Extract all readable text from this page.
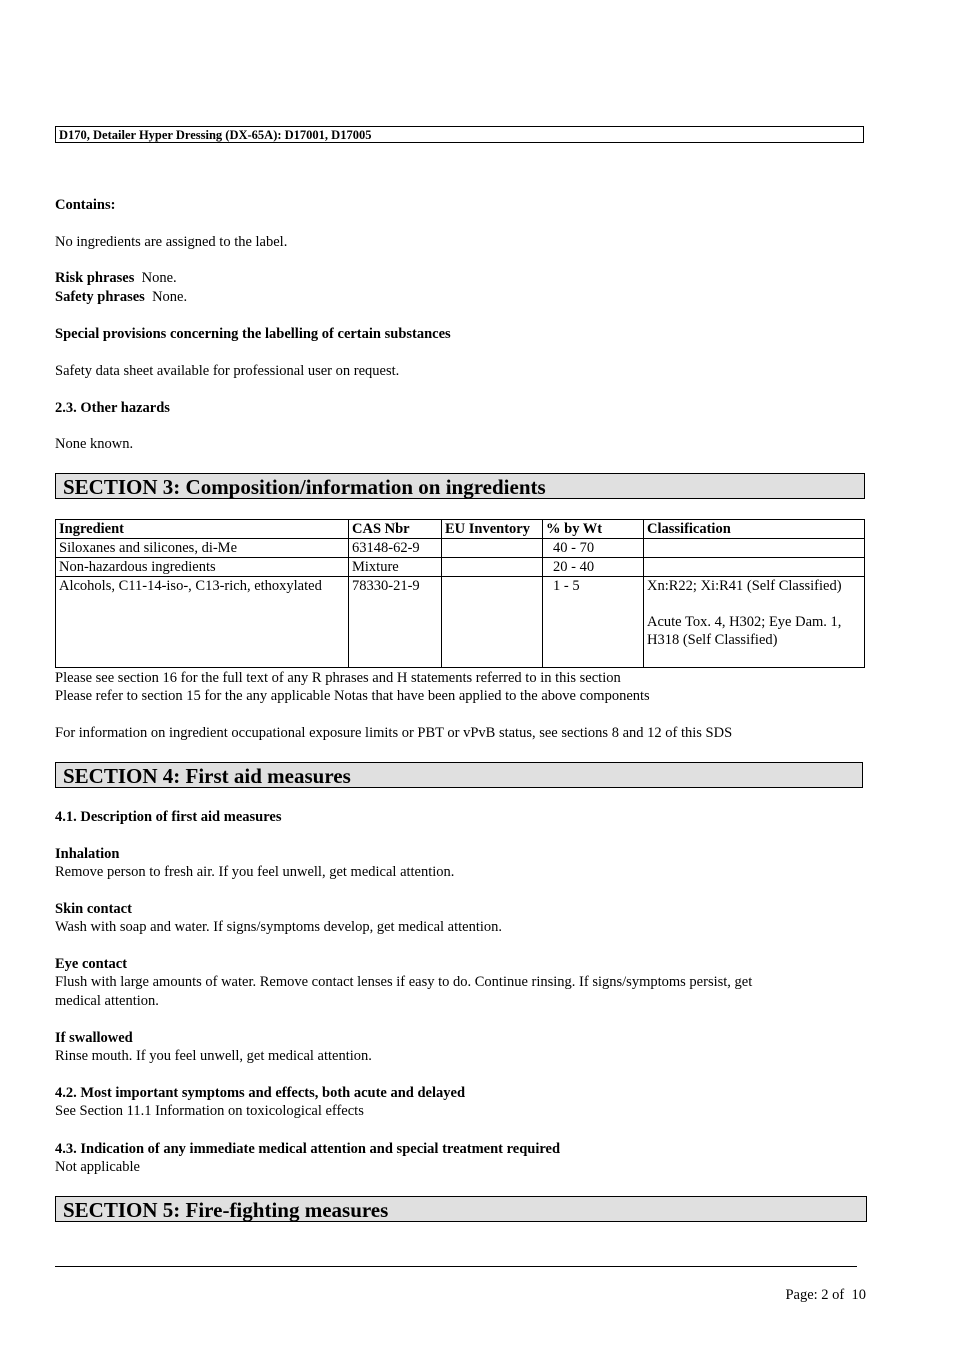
D170, Detailer Hyper Dressing (DX-65A): D17001, D17005
Contains:
No ingredients are assigned to the label.
Risk phrases None.
Safety phrases None.
Special provisions concerning the labelling of certain substances
Safety data sheet available for professional user on request.
2.3. Other hazards
None known.
SECTION 3: Composition/information on ingredients
Ingredient	CAS Nbr	EU Inventory	% by Wt	Classification
Siloxanes and silicones, di-Me	63148-62-9		40 - 70	
Non-hazardous ingredients	Mixture		20 - 40	
Alcohols, C11-14-iso-, C13-rich, ethoxylated	78330-21-9		1 - 5	Xn:R22; Xi:R41 (Self Classified)
Acute Tox. 4, H302; Eye Dam. 1, H318 (Self Classified)
Please see section 16 for the full text of any R phrases and H statements referred to in this section
Please refer to section 15 for the any applicable Notas that have been applied to the above components
For information on ingredient occupational exposure limits or PBT or vPvB status, see sections 8 and 12 of this SDS
SECTION 4: First aid measures
4.1. Description of first aid measures
Inhalation
Remove person to fresh air. If you feel unwell, get medical attention.
Skin contact
Wash with soap and water. If signs/symptoms develop, get medical attention.
Eye contact
Flush with large amounts of water. Remove contact lenses if easy to do. Continue rinsing. If signs/symptoms persist, get
medical attention.
If swallowed
Rinse mouth. If you feel unwell, get medical attention.
4.2. Most important symptoms and effects, both acute and delayed
See Section 11.1 Information on toxicological effects
4.3. Indication of any immediate medical attention and special treatment required
Not applicable
SECTION 5: Fire-fighting measures
Page: 2 of  10
